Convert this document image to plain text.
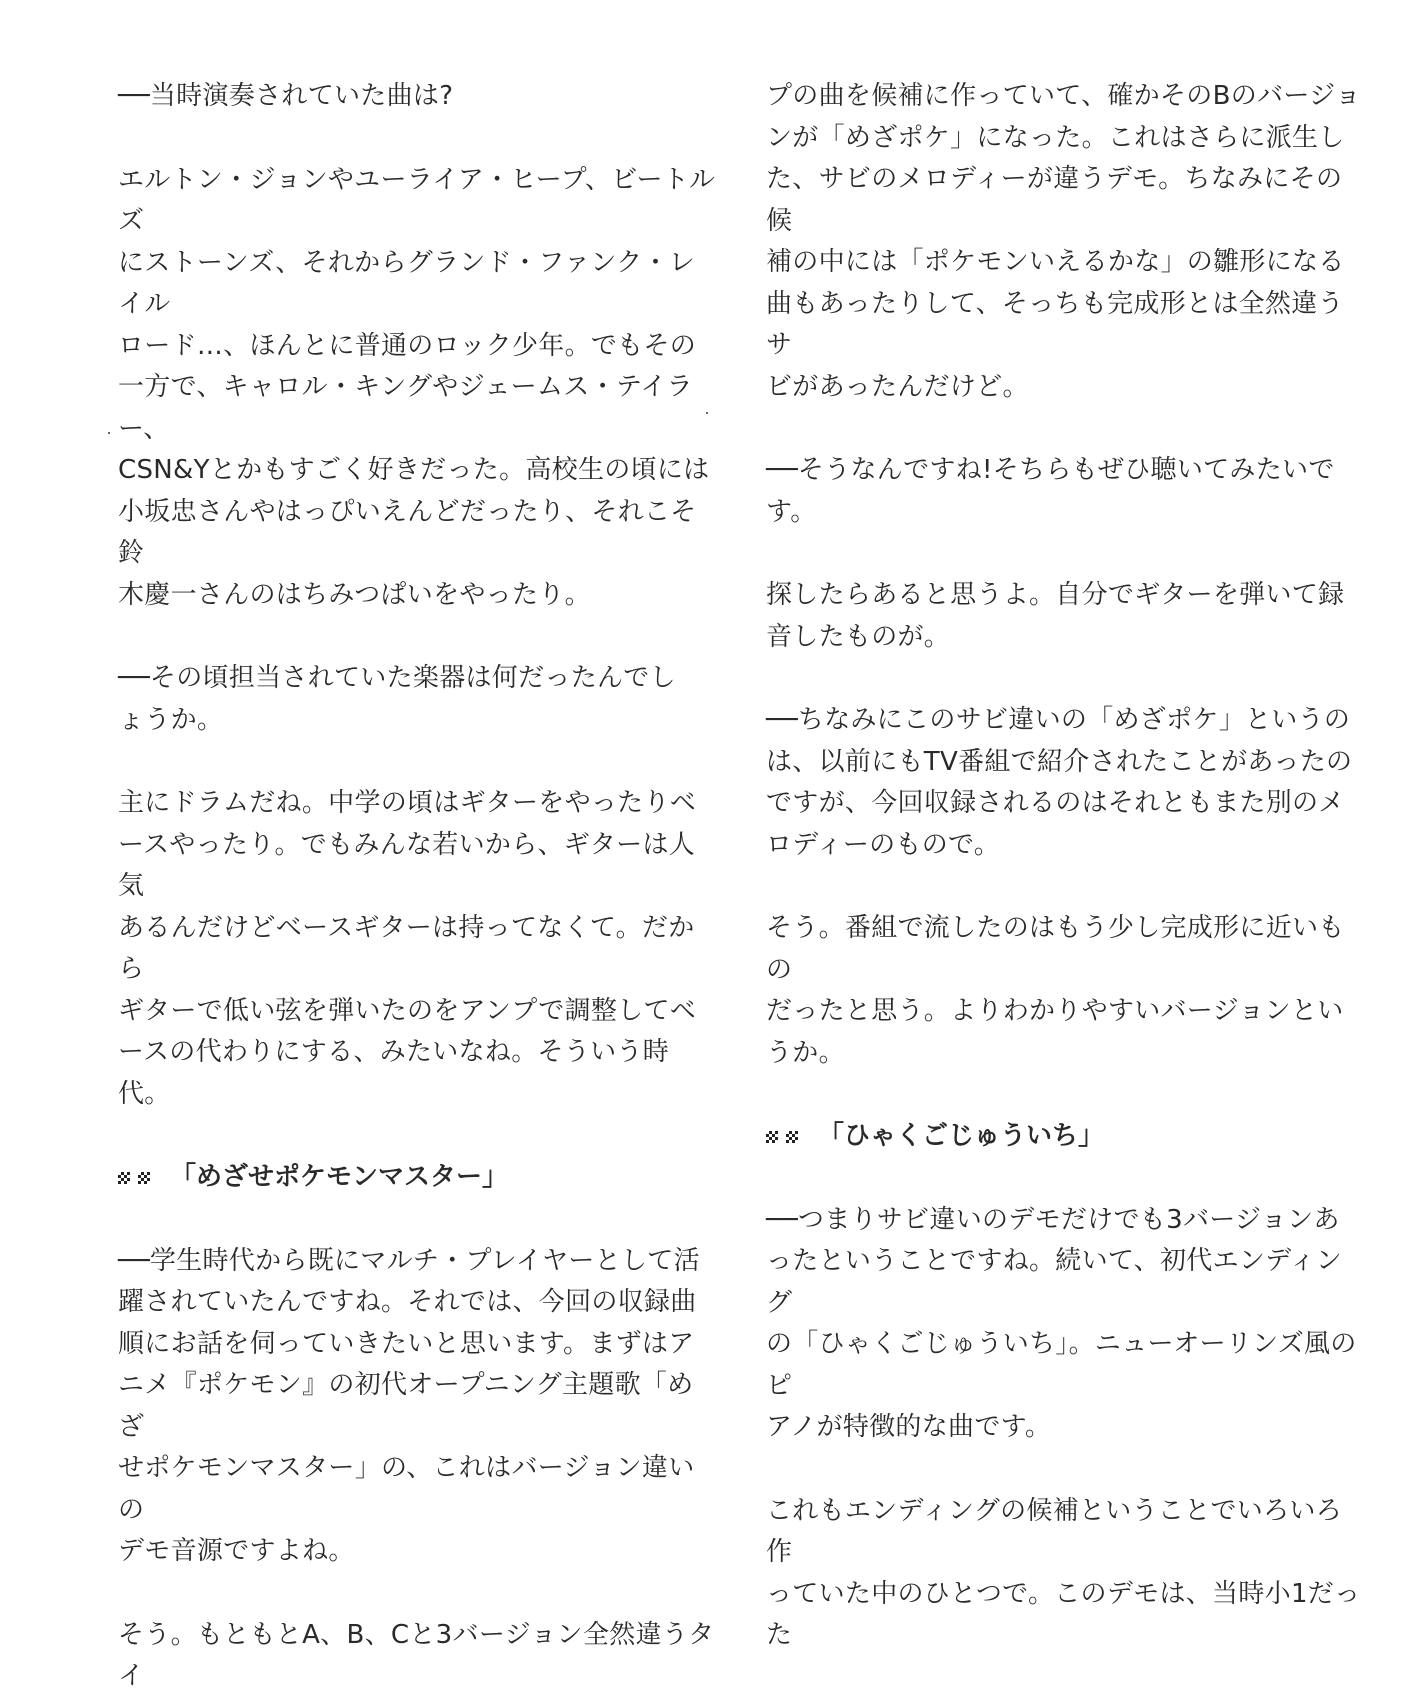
──当時演奏されていた曲は?

エルトン・ジョンやユーライア・ヒープ、ビートルズ
にストーンズ、それからグランド・ファンク・レイル
ロード…、ほんとに普通のロック少年。でもその
一方で、キャロル・キングやジェームス・テイラー、
CSN&Yとかもすごく好きだった。高校生の頃には
小坂忠さんやはっぴいえんどだったり、それこそ鈴
木慶一さんのはちみつぱいをやったり。

──その頃担当されていた楽器は何だったんでし
ょうか。

主にドラムだね。中学の頃はギターをやったりベ
ースやったり。でもみんな若いから、ギターは人気
あるんだけどベースギターは持ってなくて。だから
ギターで低い弦を弾いたのをアンプで調整してベ
ースの代わりにする、みたいなね。そういう時代。

「めざせポケモンマスター」

──学生時代から既にマルチ・プレイヤーとして活
躍されていたんですね。それでは、今回の収録曲
順にお話を伺っていきたいと思います。まずはア
ニメ『ポケモン』の初代オープニング主題歌「めざ
せポケモンマスター」の、これはバージョン違いの
デモ音源ですよね。

そう。もともとA、B、Cと3バージョン全然違うタイ

プの曲を候補に作っていて、確かそのBのバージョ
ンが「めざポケ」になった。これはさらに派生し
た、サビのメロディーが違うデモ。ちなみにその候
補の中には「ポケモンいえるかな」の雛形になる
曲もあったりして、そっちも完成形とは全然違うサ
ビがあったんだけど。

──そうなんですね!そちらもぜひ聴いてみたいです。

探したらあると思うよ。自分でギターを弾いて録
音したものが。

──ちなみにこのサビ違いの「めざポケ」というの
は、以前にもTV番組で紹介されたことがあったの
ですが、今回収録されるのはそれともまた別のメ
ロディーのもので。

そう。番組で流したのはもう少し完成形に近いもの
だったと思う。よりわかりやすいバージョンというか。

「ひゃくごじゅういち」

──つまりサビ違いのデモだけでも3バージョンあ
ったということですね。続いて、初代エンディング
の「ひゃくごじゅういち」。ニューオーリンズ風のピ
アノが特徴的な曲です。

これもエンディングの候補ということでいろいろ作
っていた中のひとつで。このデモは、当時小1だった
